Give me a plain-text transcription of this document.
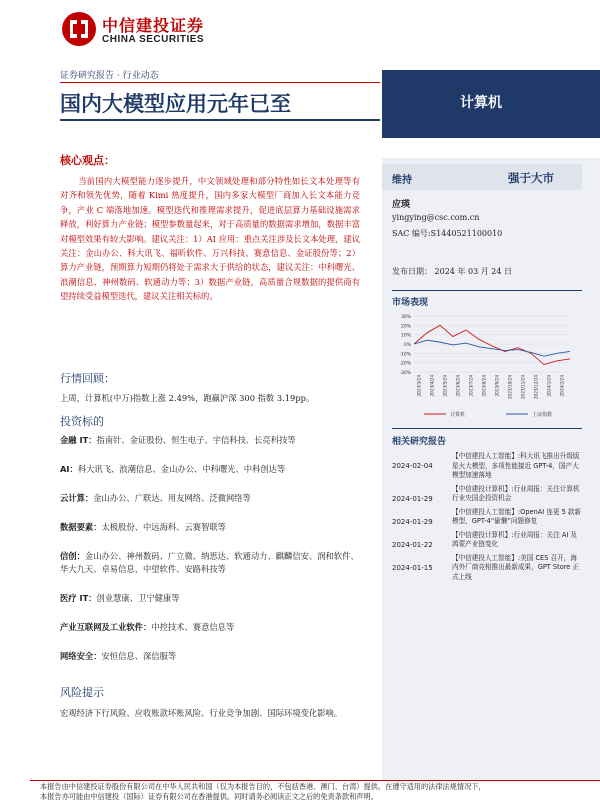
中信建投证券
CHINA SECURITIES
证券研究报告 · 行业动态
国内大模型应用元年已至	计算机
核心观点：
当前国内大模型能力逐步提升，中文领域处理和部分特性如长文本处理等有对齐和领先优势，随着 Kimi 热度提升，国内多家大模型厂商加入长文本能力竞争，产业 C 端落地加速。模型迭代和推理需求提升，促进底层算力基础设施需求释放，利好算力产业链；模型参数量起来，对于高质量的数据需求增加，数据丰富对模型效果有较大影响。建议关注：1）AI 应用：重点关注涉及长文本处理，建议关注：金山办公、科大讯飞、福昕软件、万兴科技、赛意信息、金证股份等；2）算力产业链，预期算力短期仍将处于需求大于供给的状态，建议关注：中科曙光、浪潮信息、神州数码、软通动力等；3）数据产业链，高质量合规数据的提供商有望持续受益模型迭代，建议关注相关标的。
行情回顾：
上周，计算机(中万)指数上涨 2.49%，跑赢沪深 300 指数 3.19pp。
投资标的
金融 IT：指南针、金证股份、恒生电子、宇信科技、长亮科技等
AI：科大讯飞、浪潮信息、金山办公、中科曙光、中科创达等
云计算：金山办公、广联达、用友网络、泛微网络等
数据要素：太极股份、中远海科、云赛智联等
信创：金山办公、神州数码、广立微、纳思达、软通动力、麒麟信安、润和软件、华大九天、卓易信息、中望软件、安路科技等
医疗 IT：创业慧康、卫宁健康等
产业互联网及工业软件：中控技术、赛意信息等
网络安全：安恒信息、深信服等
风险提示
宏观经济下行风险、应收账款坏账风险、行业竞争加剧、国际环境变化影响。
维持	强于大市
应瑛
yingying@csc.com.cn
SAC 编号:S1440521100010
发布日期： 2024 年 03 月 24 日
市场表现
30%
20%
10%
0%
-10%
-20%
-30%
2023/3/24 2023/4/24 2023/5/24 2023/6/24 2023/7/24 2023/8/24 2023/9/24 2023/10/24 2023/11/24 2023/12/24 2024/1/24 2024/2/24
计算机	上证指数
相关研究报告
2024-02-04
【中信建投人工智能】:科大讯飞推出升级版星火大模型，多项性能接近 GPT-4，国产大模型加速落地
2024-01-29
【中信建投计算机】:行业周报：关注计算机行业央国企投资机会
2024-01-29
【中信建投人工智能】:OpenAI 连更 5 款新模型，GPT-4“偷懒”问题修复
2024-01-22
【中信建投计算机】:行业周报：关注 AI 及鸿蒙产业链变化
2024-01-15
【中信建投人工智能】:美国 CES 召开，海内外厂商竞相推出最新成果，GPT Store 正式上线
本报告由中信建投证券股份有限公司在中华人民共和国（仅为本报告目的，不包括香港、澳门、台湾）提供。在遵守适用的法律法规情况下，
本报告亦可能由中信建投（国际）证券有限公司在香港提供。同时请务必阅读正文之后的免责条款和声明。
